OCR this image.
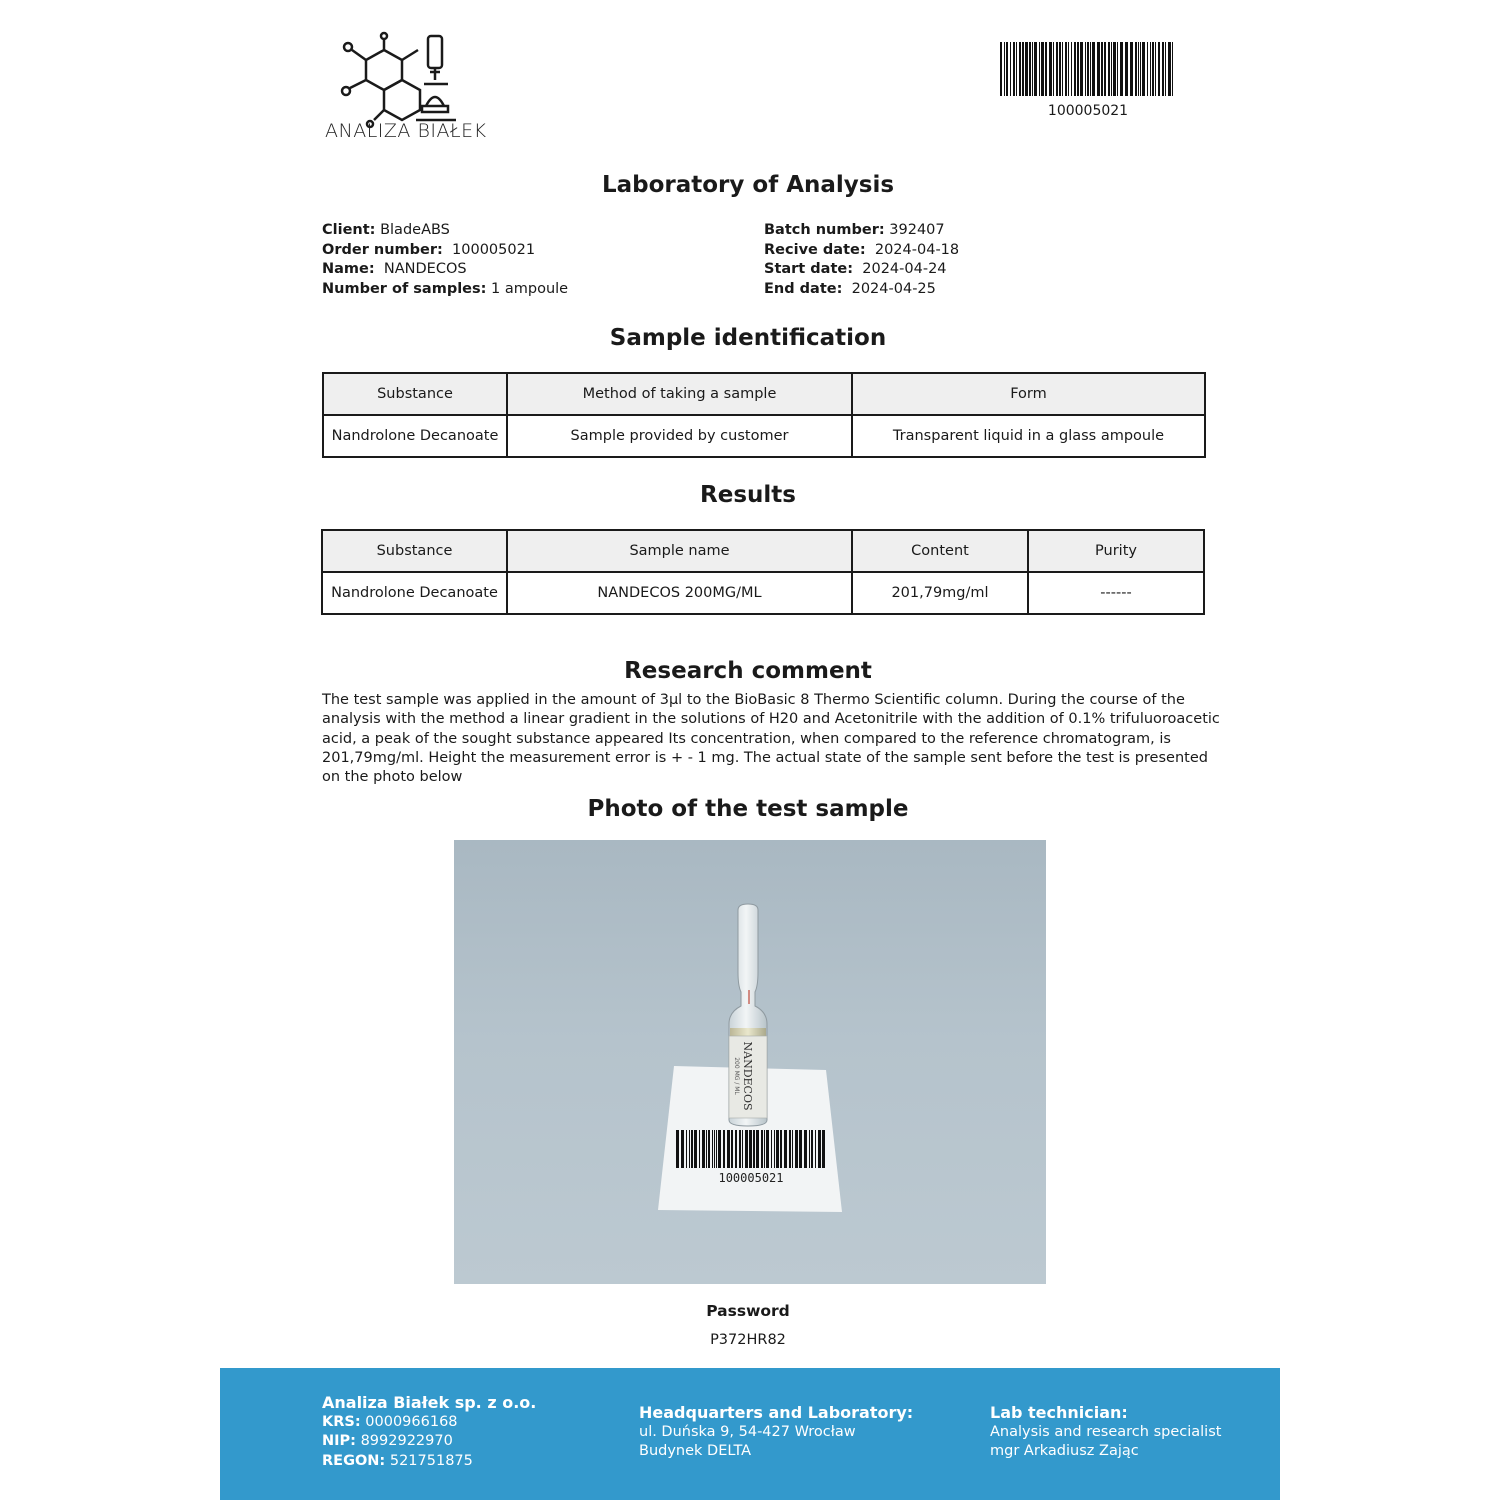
ANALIZA BIAŁEK
100005021
Laboratory of Analysis
Client: BladeABS
Order number: 100005021
Name: NANDECOS
Number of samples: 1 ampoule
Batch number: 392407
Recive date: 2024-04-18
Start date: 2024-04-24
End date: 2024-04-25
Sample identification
Substance	Method of taking a sample	Form
Nandrolone Decanoate	Sample provided by customer	Transparent liquid in a glass ampoule
Results
Substance	Sample name	Content	Purity
Nandrolone Decanoate	NANDECOS 200MG/ML	201,79mg/ml	------
Research comment
The test sample was applied in the amount of 3µl to the BioBasic 8 Thermo Scientific column. During the course of the analysis with the method a linear gradient in the solutions of H20 and Acetonitrile with the addition of 0.1% trifuluoroacetic acid, a peak of the sought substance appeared Its concentration, when compared to the reference chromatogram, is 201,79mg/ml. Height the measurement error is + - 1 mg. The actual state of the sample sent before the test is presented on the photo below
Photo of the test sample
100005021
NANDECOS
200 MG / ML
Password
P372HR82
Analiza Białek sp. z o.o.
KRS: 0000966168
NIP: 8992922970
REGON: 521751875
Headquarters and Laboratory:
ul. Duńska 9, 54-427 Wrocław
Budynek DELTA
Lab technician:
Analysis and research specialist
mgr Arkadiusz Zając
